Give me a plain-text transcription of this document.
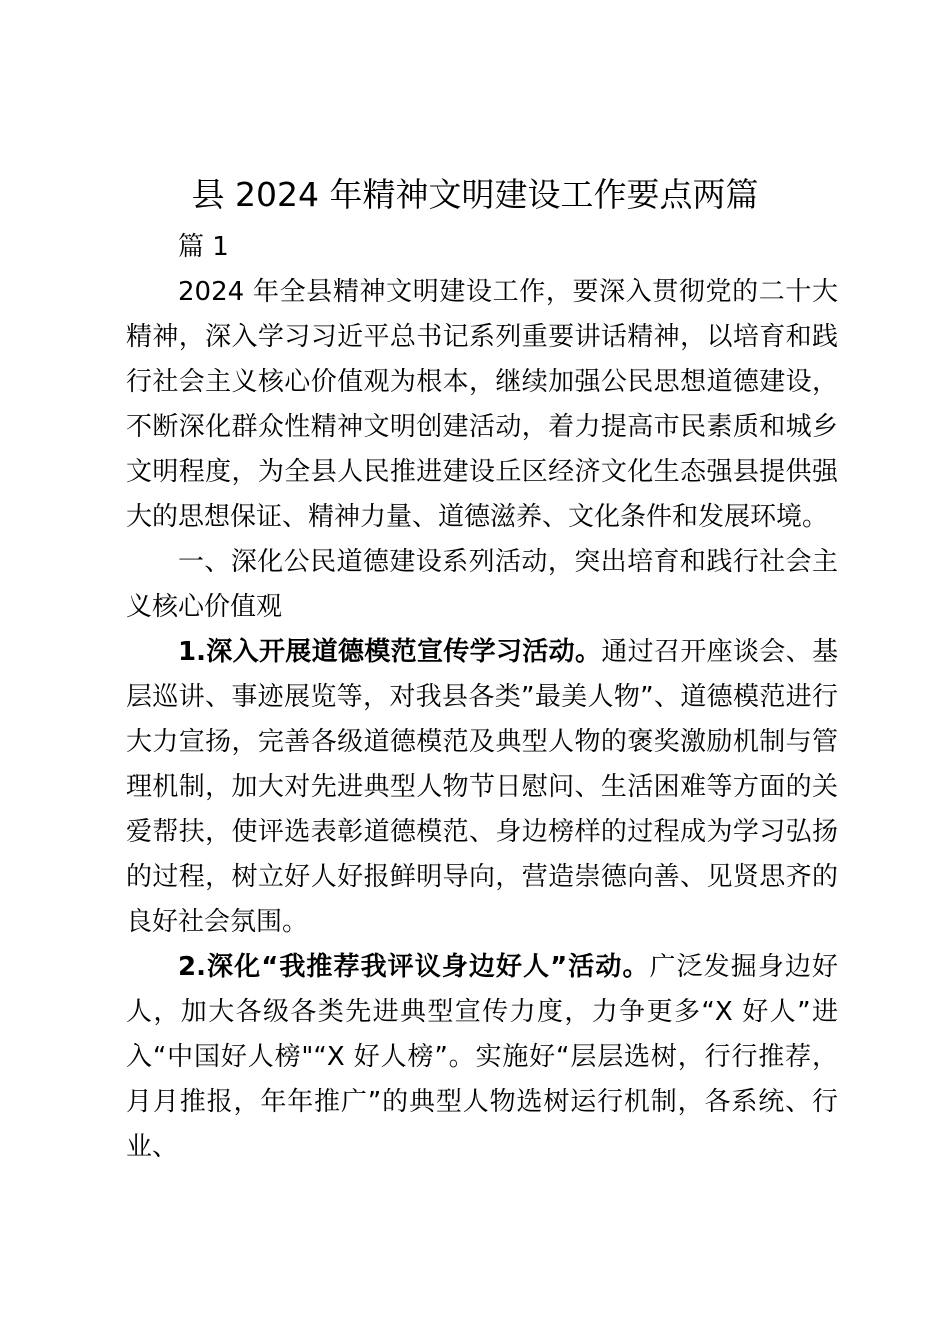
县 2024 年精神文明建设工作要点两篇
篇 1

2024 年全县精神文明建设工作，要深入贯彻党的二十大精神，深入学习习近平总书记系列重要讲话精神，以培育和践行社会主义核心价值观为根本，继续加强公民思想道德建设，不断深化群众性精神文明创建活动，着力提高市民素质和城乡文明程度，为全县人民推进建设丘区经济文化生态强县提供强大的思想保证、精神力量、道德滋养、文化条件和发展环境。

一、深化公民道德建设系列活动，突出培育和践行社会主义核心价值观

1.深入开展道德模范宣传学习活动。通过召开座谈会、基层巡讲、事迹展览等，对我县各类”最美人物”、道德模范进行大力宣扬，完善各级道德模范及典型人物的褒奖激励机制与管理机制，加大对先进典型人物节日慰问、生活困难等方面的关爱帮扶，使评选表彰道德模范、身边榜样的过程成为学习弘扬的过程，树立好人好报鲜明导向，营造崇德向善、见贤思齐的良好社会氛围。

2.深化“我推荐我评议身边好人”活动。广泛发掘身边好人，加大各级各类先进典型宣传力度，力争更多“X 好人”进入“中国好人榜"“X 好人榜”。实施好“层层选树，行行推荐，月月推报，年年推广”的典型人物选树运行机制，各系统、行业、
